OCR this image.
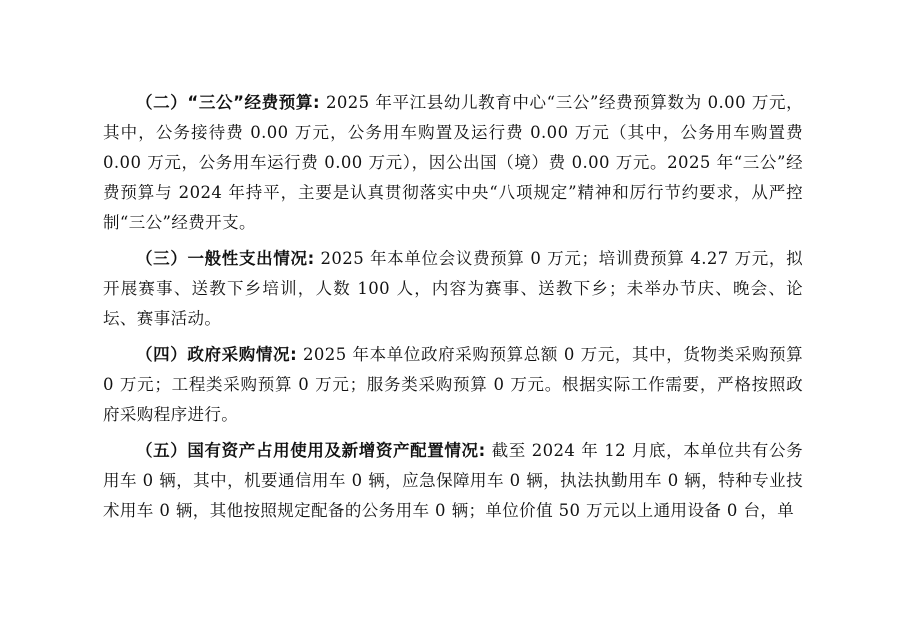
（二）“三公”经费预算: 2025 年平江县幼儿教育中心“三公”经费预算数为 0.00 万元，其中，公务接待费 0.00 万元，公务用车购置及运行费 0.00 万元（其中，公务用车购置费 0.00 万元，公务用车运行费 0.00 万元），因公出国（境）费 0.00 万元。2025 年“三公”经费预算与 2024 年持平，主要是认真贯彻落实中央“八项规定”精神和厉行节约要求，从严控制“三公”经费开支。

（三）一般性支出情况: 2025 年本单位会议费预算 0 万元；培训费预算 4.27 万元，拟开展赛事、送教下乡培训，人数 100 人，内容为赛事、送教下乡；未举办节庆、晚会、论坛、赛事活动。

（四）政府采购情况: 2025 年本单位政府采购预算总额 0 万元，其中，货物类采购预算 0 万元；工程类采购预算 0 万元；服务类采购预算 0 万元。根据实际工作需要，严格按照政府采购程序进行。

（五）国有资产占用使用及新增资产配置情况: 截至 2024 年 12 月底，本单位共有公务用车 0 辆，其中，机要通信用车 0 辆，应急保障用车 0 辆，执法执勤用车 0 辆，特种专业技术用车 0 辆，其他按照规定配备的公务用车 0 辆；单位价值 50 万元以上通用设备 0 台，单
